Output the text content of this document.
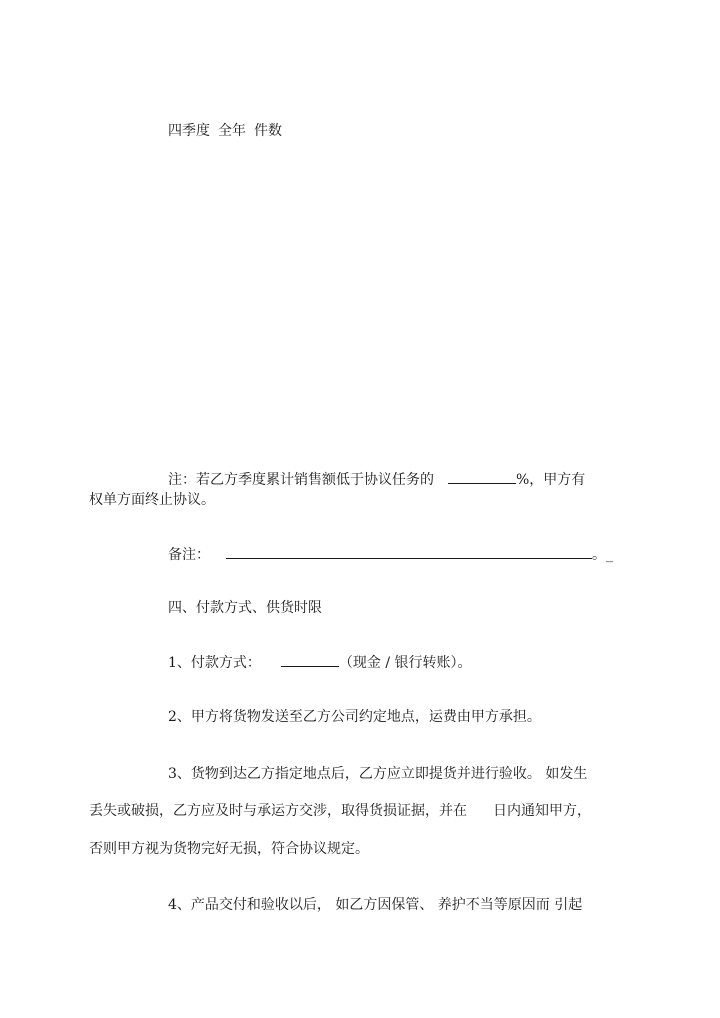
四季度 全年 件数

注：若乙方季度累计销售额低于协议任务的	%，甲方有

权单方面终止协议。

备注：	。_

四、付款方式、供货时限

1、付款方式：	（现金 / 银行转账）。

2、甲方将货物发送至乙方公司约定地点，运费由甲方承担。

3、货物到达乙方指定地点后，乙方应立即提货并进行验收。 如发生

丢失或破损，乙方应及时与承运方交涉，取得货损证据，并在 日内通知甲方，

否则甲方视为货物完好无损，符合协议规定。

4、产品交付和验收以后， 如乙方因保管、 养护不当等原因而 引起
